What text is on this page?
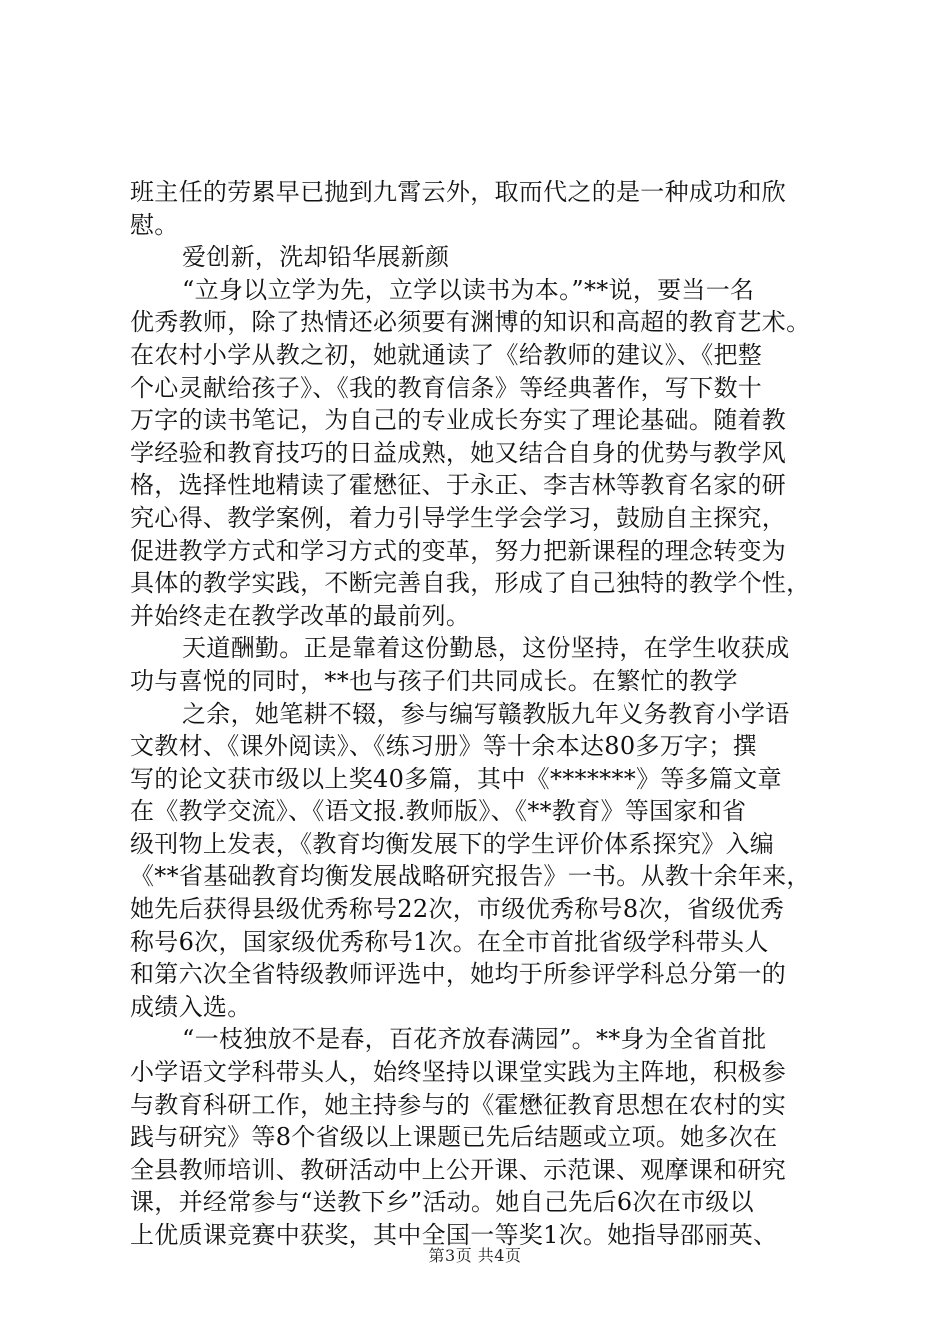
班主任的劳累早已抛到九霄云外，取而代之的是一种成功和欣
慰。
爱创新，洗却铅华展新颜
“立身以立学为先，立学以读书为本。”**说，要当一名
优秀教师，除了热情还必须要有渊博的知识和高超的教育艺术。
在农村小学从教之初，她就通读了《给教师的建议》、《把整
个心灵献给孩子》、《我的教育信条》等经典著作，写下数十
万字的读书笔记，为自己的专业成长夯实了理论基础。随着教
学经验和教育技巧的日益成熟，她又结合自身的优势与教学风
格，选择性地精读了霍懋征、于永正、李吉林等教育名家的研
究心得、教学案例，着力引导学生学会学习，鼓励自主探究，
促进教学方式和学习方式的变革，努力把新课程的理念转变为
具体的教学实践，不断完善自我，形成了自己独特的教学个性，
并始终走在教学改革的最前列。
天道酬勤。正是靠着这份勤恳，这份坚持，在学生收获成
功与喜悦的同时，**也与孩子们共同成长。在繁忙的教学
之余，她笔耕不辍，参与编写赣教版九年义务教育小学语
文教材、《课外阅读》、《练习册》等十余本达80多万字；撰
写的论文获市级以上奖40多篇，其中《*******》等多篇文章
在《教学交流》、《语文报.教师版》、《**教育》等国家和省
级刊物上发表，《教育均衡发展下的学生评价体系探究》入编
《**省基础教育均衡发展战略研究报告》一书。从教十余年来，
她先后获得县级优秀称号22次，市级优秀称号8次，省级优秀
称号6次，国家级优秀称号1次。在全市首批省级学科带头人
和第六次全省特级教师评选中，她均于所参评学科总分第一的
成绩入选。
“一枝独放不是春，百花齐放春满园”。**身为全省首批
小学语文学科带头人，始终坚持以课堂实践为主阵地，积极参
与教育科研工作，她主持参与的《霍懋征教育思想在农村的实
践与研究》等8个省级以上课题已先后结题或立项。她多次在
全县教师培训、教研活动中上公开课、示范课、观摩课和研究
课，并经常参与“送教下乡”活动。她自己先后6次在市级以
上优质课竞赛中获奖，其中全国一等奖1次。她指导邵丽英、
第3页 共4页
